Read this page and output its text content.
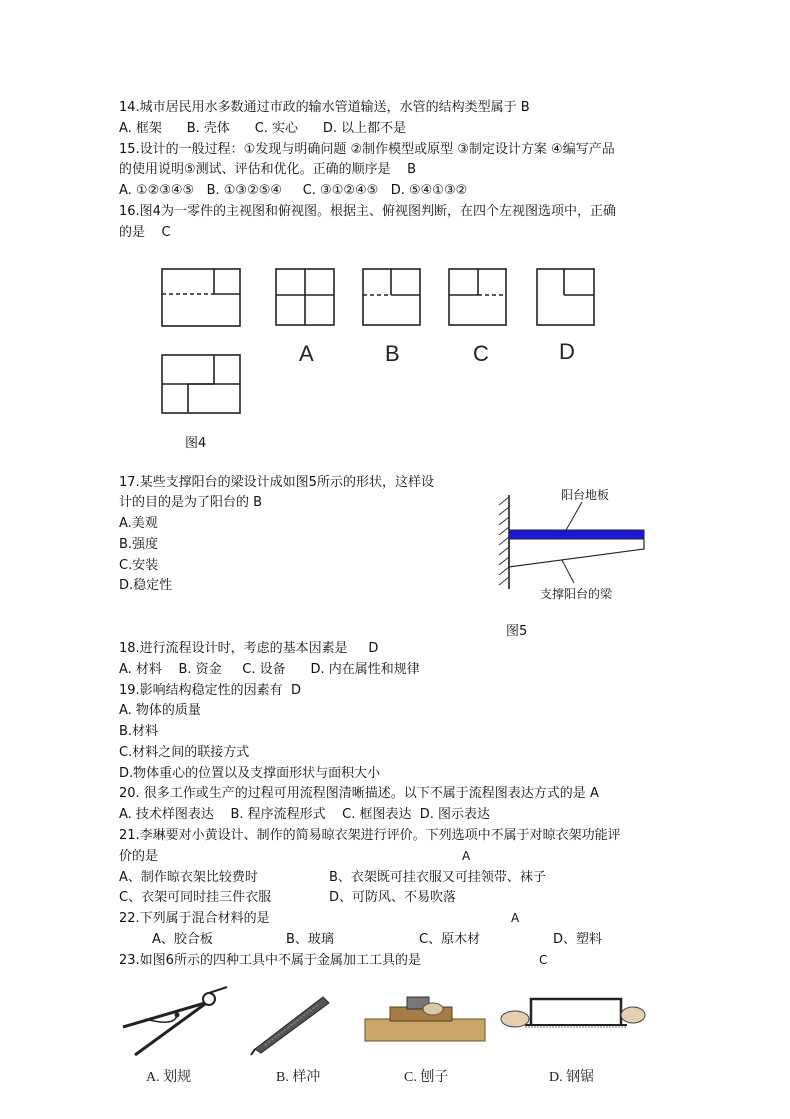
14.城市居民用水多数通过市政的输水管道输送，水管的结构类型属于 B
A. 框架      B. 壳体      C. 实心      D. 以上都不是
15.设计的一般过程：①发现与明确问题 ②制作模型或原型 ③制定设计方案 ④编写产品
的使用说明⑤测试、评估和优化。正确的顺序是    B
A. ①②③④⑤   B. ①③②⑤④     C. ③①②④⑤   D. ⑤④①③②
16.图4为一零件的主视图和俯视图。根据主、俯视图判断，在四个左视图选项中，正确
的是    C
A	B	C	D
图4
17.某些支撑阳台的梁设计成如图5所示的形状，这样设
计的目的是为了阳台的 B
A.美观
B.强度
C.安装
D.稳定性
阳台地板
支撑阳台的梁
图5
18.进行流程设计时，考虑的基本因素是     D
A. 材料    B. 资金     C. 设备      D. 内在属性和规律
19.影响结构稳定性的因素有  D
A. 物体的质量
B.材料
C.材料之间的联接方式
D.物体重心的位置以及支撑面形状与面积大小
20. 很多工作或生产的过程可用流程图清晰描述。以下不属于流程图表达方式的是 A
A. 技术样图表达    B. 程序流程形式    C. 框图表达  D. 图示表达
21.李琳要对小黄设计、制作的简易晾衣架进行评价。下列选项中不属于对晾衣架功能评
价的是	A
A、制作晾衣架比较费时	B、衣架既可挂衣服又可挂领带、袜子
C、衣架可同时挂三件衣服	D、可防风、不易吹落
22.下列属于混合材料的是	A
A、胶合板	B、玻璃	C、原木材	D、塑料
23.如图6所示的四种工具中不属于金属加工工具的是	C
A. 划规	B. 样冲	C. 刨子	D. 钢锯
